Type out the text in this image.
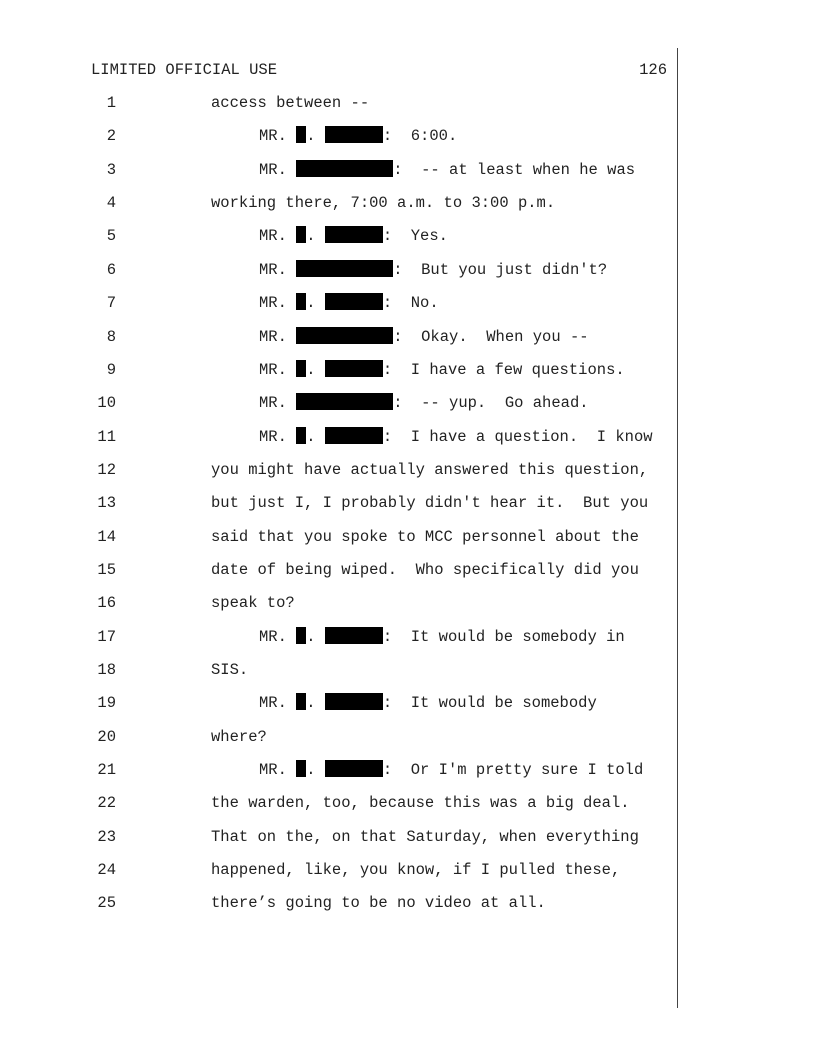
LIMITED OFFICIAL USE	126
1	access between --
2	MR. .	:  6:00.
3	MR.	:  -- at least when he was
4	working there, 7:00 a.m. to 3:00 p.m.
5	MR. .	:  Yes.
6	MR.	:  But you just didn't?
7	MR. .	:  No.
8	MR.	:  Okay.  When you --
9	MR. .	:  I have a few questions.
10	MR.	:  -- yup.  Go ahead.
11	MR. .	:  I have a question.  I know
12	you might have actually answered this question,
13	but just I, I probably didn't hear it.  But you
14	said that you spoke to MCC personnel about the
15	date of being wiped.  Who specifically did you
16	speak to?
17	MR. .	:  It would be somebody in
18	SIS.
19	MR. .	:  It would be somebody
20	where?
21	MR. .	:  Or I'm pretty sure I told
22	the warden, too, because this was a big deal.
23	That on the, on that Saturday, when everything
24	happened, like, you know, if I pulled these,
25	there’s going to be no video at all.
